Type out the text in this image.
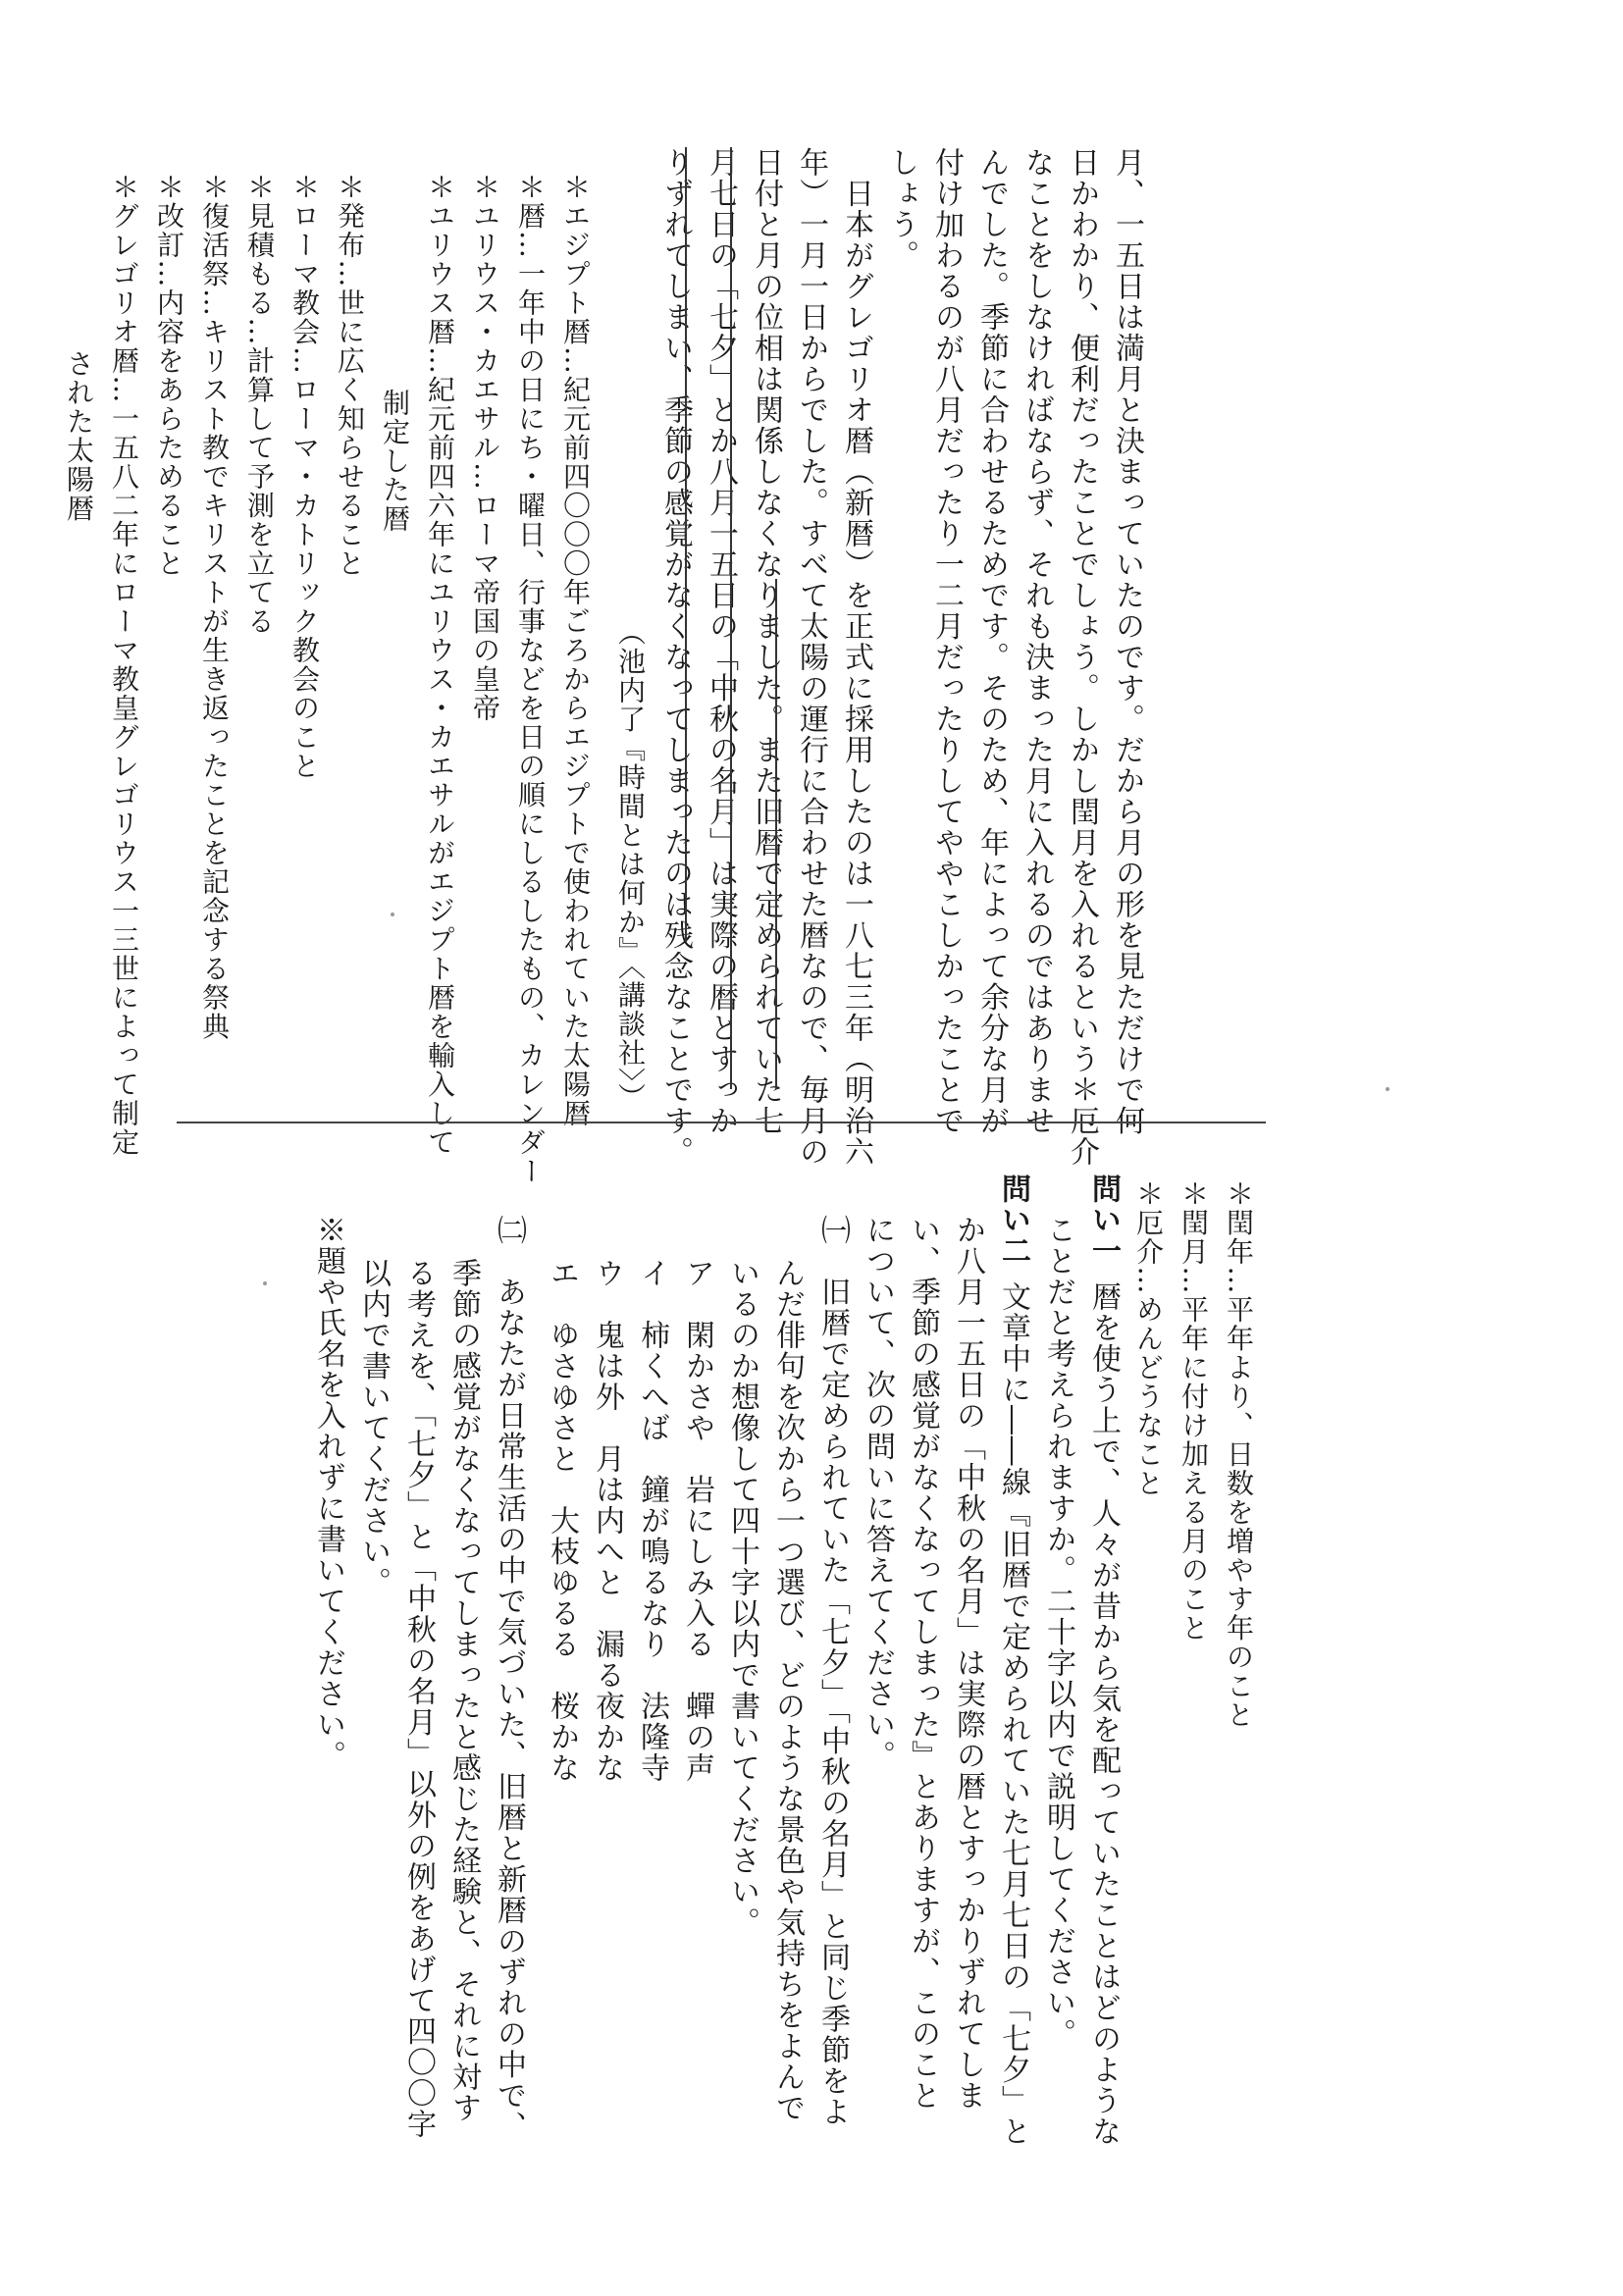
月、一五日は満月と決まっていたのです。だから月の形を見ただけで何
日かわかり、便利だったことでしょう。しかし閏月を入れるという＊厄介
なことをしなければならず、それも決まった月に入れるのではありませ
んでした。季節に合わせるためです。そのため、年によって余分な月が
付け加わるのが八月だったり一二月だったりしてややこしかったことで
しょう。
　日本がグレゴリオ暦（新暦）を正式に採用したのは一八七三年（明治六
年）一月一日からでした。すべて太陽の運行に合わせた暦なので、毎月の
日付と月の位相は関係しなくなりました。また旧暦で定められていた七
月七日の「七夕」とか八月一五日の「中秋の名月」は実際の暦とすっか
りずれてしまい、季節の感覚がなくなってしまったのは残念なことです。
（池内了『時間とは何か』〈講談社〉）
＊エジプト暦…紀元前四〇〇〇年ごろからエジプトで使われていた太陽暦
＊暦…一年中の日にち・曜日、行事などを日の順にしるしたもの、カレンダー
＊ユリウス・カエサル…ローマ帝国の皇帝
＊ユリウス暦…紀元前四六年にユリウス・カエサルがエジプト暦を輸入して
制定した暦
＊発布…世に広く知らせること
＊ローマ教会…ローマ・カトリック教会のこと
＊見積もる…計算して予測を立てる
＊復活祭…キリスト教でキリストが生き返ったことを記念する祭典
＊改訂…内容をあらためること
＊グレゴリオ暦…一五八二年にローマ教皇グレゴリウス一三世によって制定
された太陽暦
＊閏年…平年より、日数を増やす年のこと
＊閏月…平年に付け加える月のこと
＊厄介…めんどうなこと
問い一
暦を使う上で、人々が昔から気を配っていたことはどのような
ことだと考えられますか。二十字以内で説明してください。
問い二
文章中に――線『旧暦で定められていた七月七日の「七夕」と
か八月一五日の「中秋の名月」は実際の暦とすっかりずれてしま
い、季節の感覚がなくなってしまった』とありますが、このこと
について、次の問いに答えてください。
㈠　旧暦で定められていた「七夕」「中秋の名月」と同じ季節をよ
んだ俳句を次から一つ選び、どのような景色や気持ちをよんで
いるのか想像して四十字以内で書いてください。
ア　閑かさや　岩にしみ入る　蟬の声
イ　柿くへば　鐘が鳴るなり　法隆寺
ウ　鬼は外　月は内へと　漏る夜かな
エ　ゆさゆさと　大枝ゆるる　桜かな
㈡　あなたが日常生活の中で気づいた、旧暦と新暦のずれの中で、
季節の感覚がなくなってしまったと感じた経験と、それに対す
る考えを、「七夕」と「中秋の名月」以外の例をあげて四〇〇字
以内で書いてください。
※題や氏名を入れずに書いてください。
